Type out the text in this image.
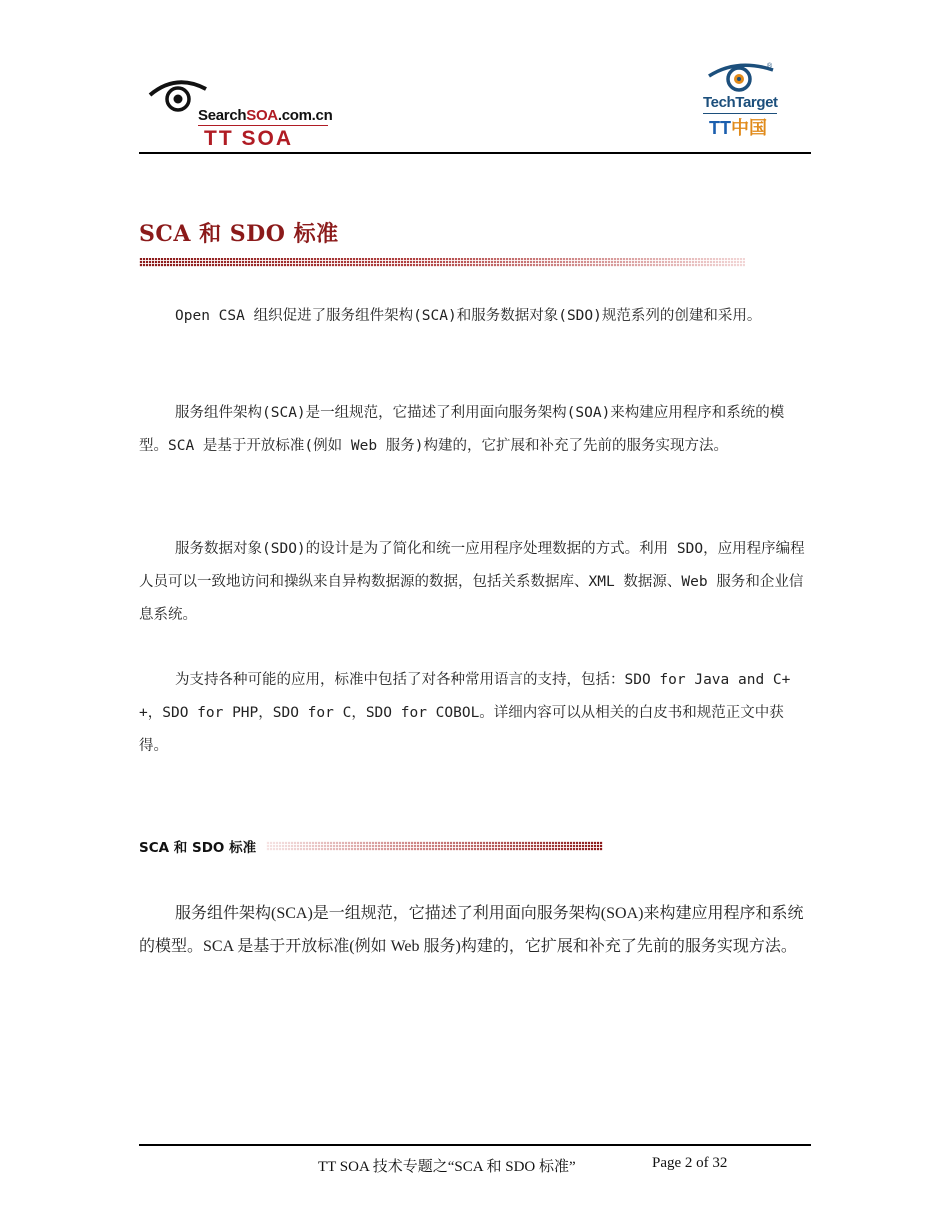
SearchSOA.com.cn
TT SOA
®
TechTarget
TT中国
SCA 和 SDO 标准

Open CSA 组织促进了服务组件架构(SCA)和服务数据对象(SDO)规范系列的创建和采用。

服务组件架构(SCA)是一组规范，它描述了利用面向服务架构(SOA)来构建应用程序和系统的模型。SCA 是基于开放标准(例如 Web 服务)构建的，它扩展和补充了先前的服务实现方法。

服务数据对象(SDO)的设计是为了简化和统一应用程序处理数据的方式。利用 SDO，应用程序编程人员可以一致地访问和操纵来自异构数据源的数据，包括关系数据库、XML 数据源、Web 服务和企业信息系统。

为支持各种可能的应用，标准中包括了对各种常用语言的支持，包括：SDO for Java and C++，SDO for PHP，SDO for C，SDO for COBOL。详细内容可以从相关的白皮书和规范正文中获得。

SCA 和 SDO 标准

服务组件架构(SCA)是一组规范，它描述了利用面向服务架构(SOA)来构建应用程序和系统的模型。SCA 是基于开放标准(例如 Web 服务)构建的，它扩展和补充了先前的服务实现方法。

TT SOA 技术专题之“SCA 和 SDO 标准”	Page 2 of 32
